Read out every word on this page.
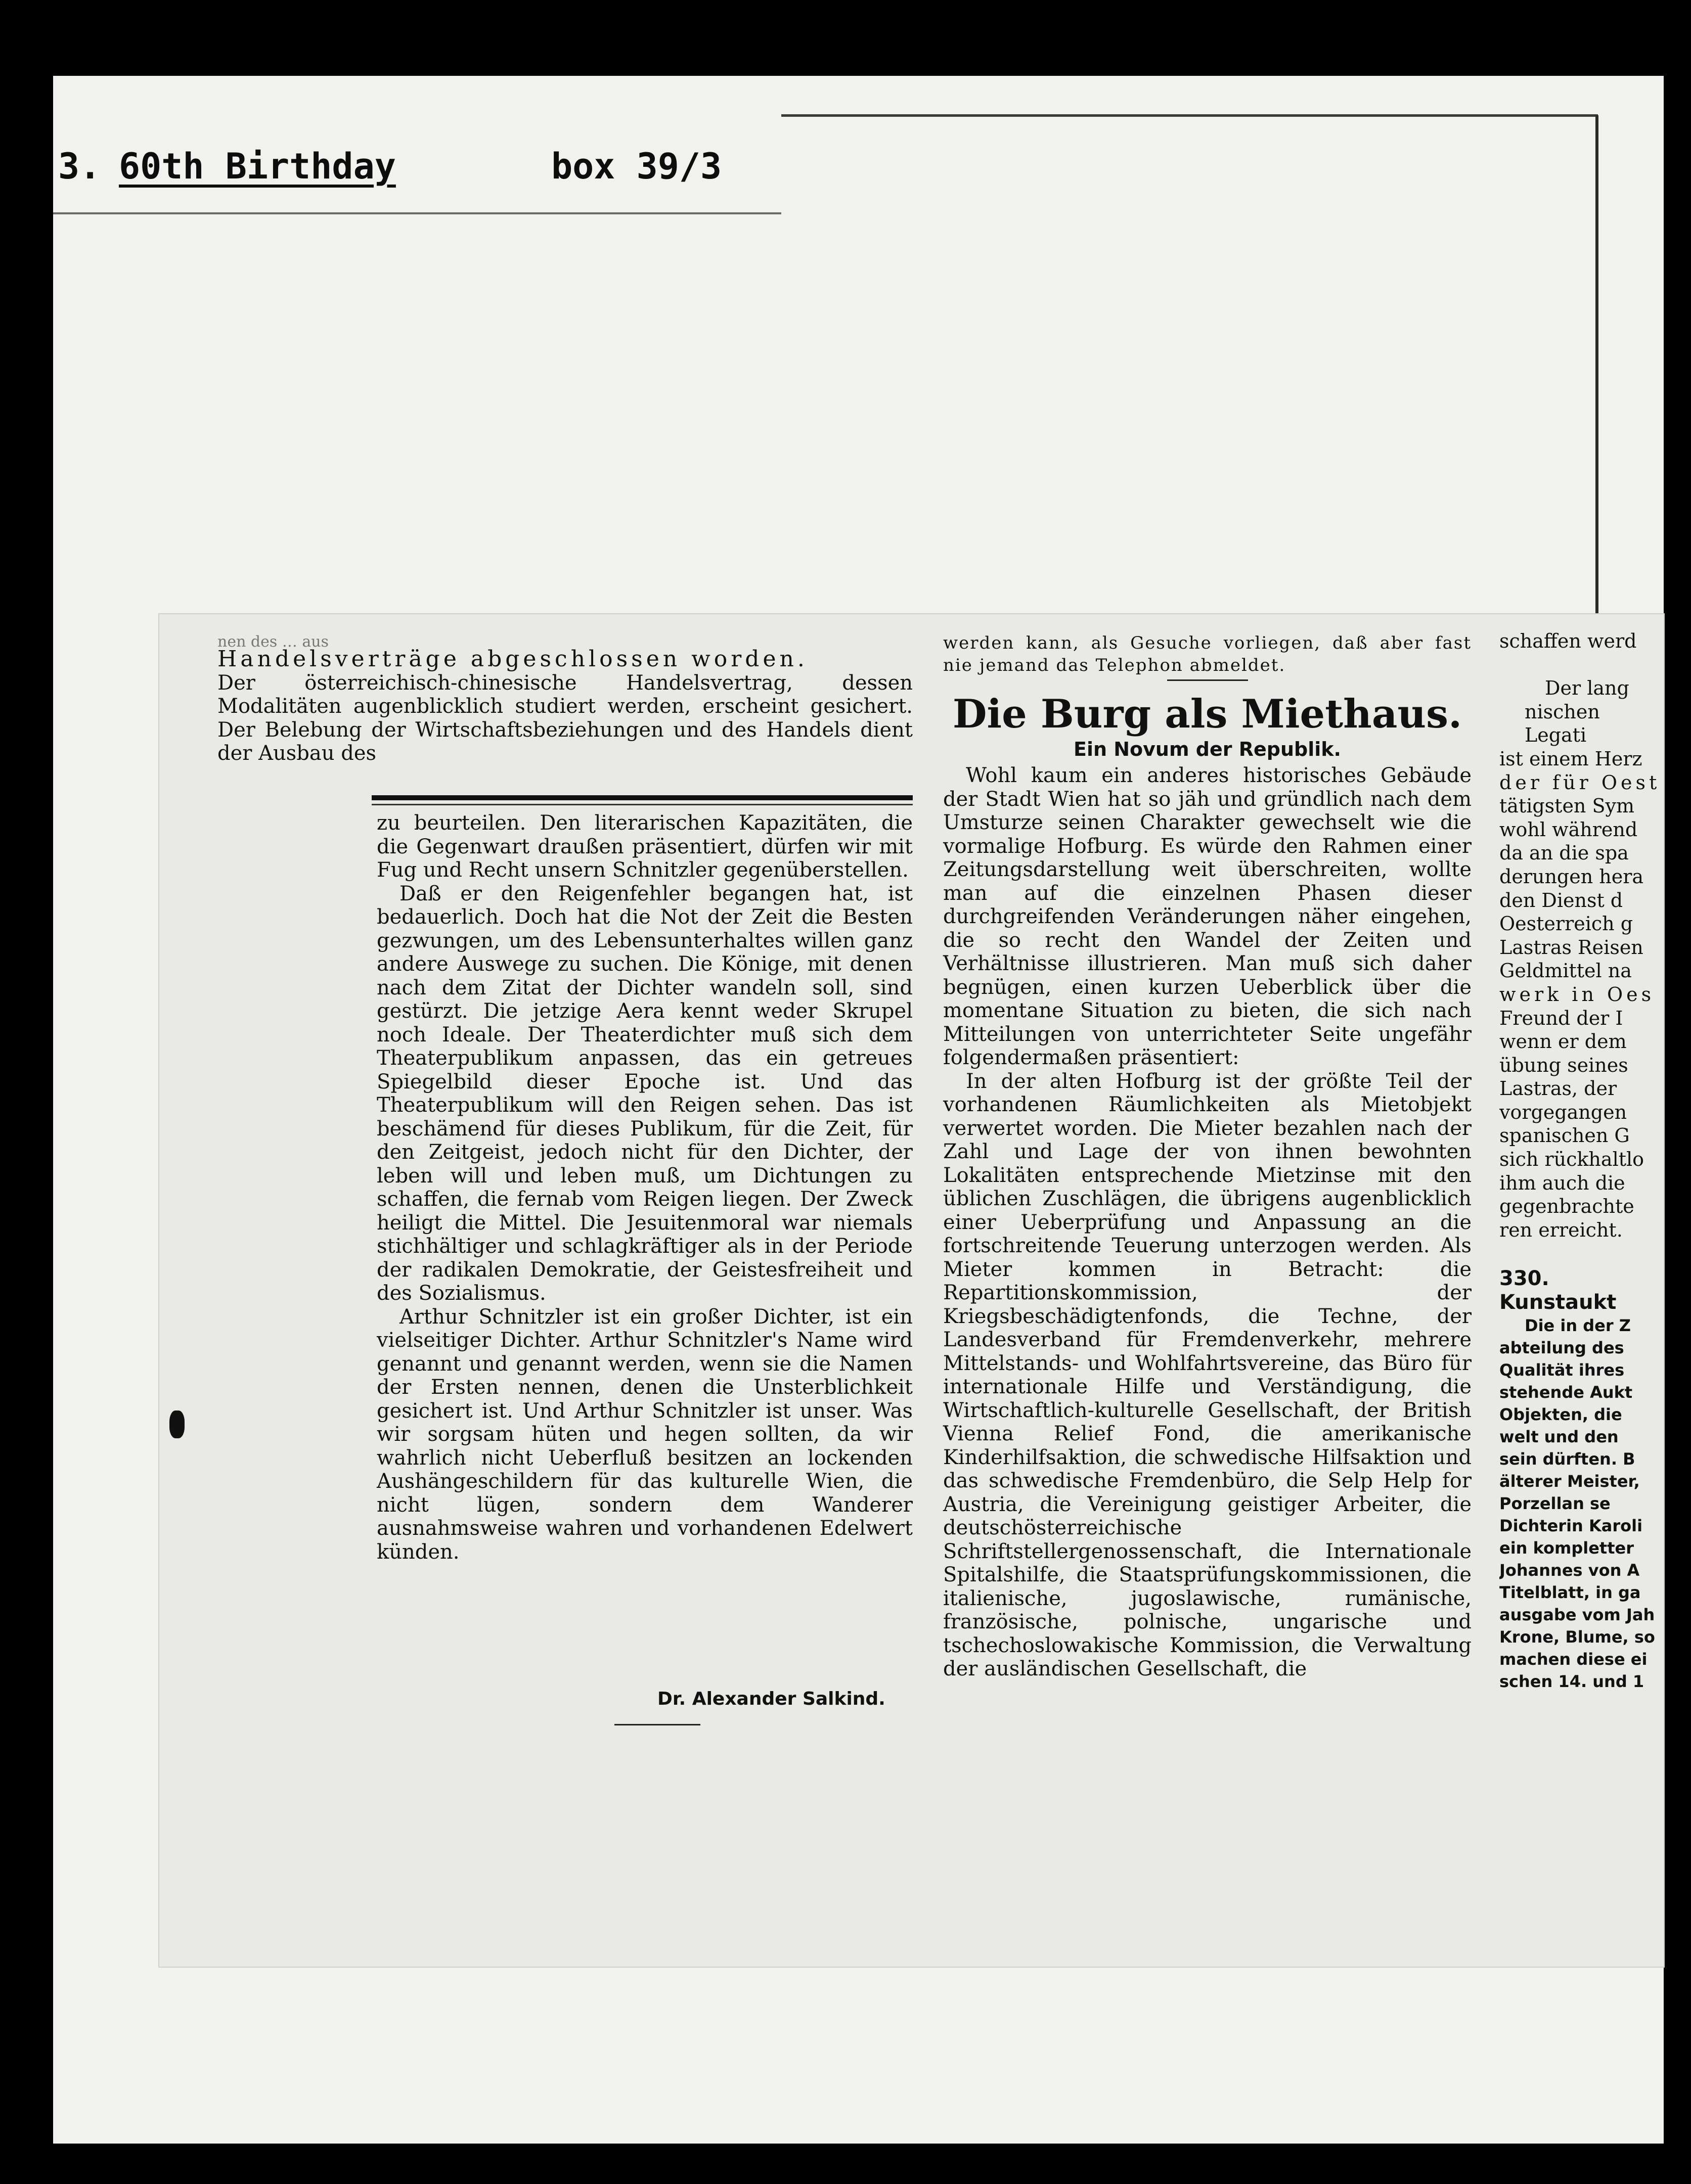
3. 60th Birthday	box 39/3

nen des … aus

Handelsverträge abgeschlossen worden.

Der österreichisch-chinesische Handelsvertrag, dessen Modalitäten augenblicklich studiert werden, erscheint gesichert. Der Belebung der Wirtschaftsbeziehungen und des Handels dient der Ausbau des

zu beurteilen. Den literarischen Kapazitäten, die die Gegenwart draußen präsentiert, dürfen wir mit Fug und Recht unsern Schnitzler gegenüberstellen.

Daß er den Reigenfehler begangen hat, ist bedauerlich. Doch hat die Not der Zeit die Besten gezwungen, um des Lebensunterhaltes willen ganz andere Auswege zu suchen. Die Könige, mit denen nach dem Zitat der Dichter wandeln soll, sind gestürzt. Die jetzige Aera kennt weder Skrupel noch Ideale. Der Theaterdichter muß sich dem Theaterpublikum anpassen, das ein getreues Spiegelbild dieser Epoche ist. Und das Theaterpublikum will den Reigen sehen. Das ist beschämend für dieses Publikum, für die Zeit, für den Zeitgeist, jedoch nicht für den Dichter, der leben will und leben muß, um Dichtungen zu schaffen, die fernab vom Reigen liegen. Der Zweck heiligt die Mittel. Die Jesuitenmoral war niemals stichhältiger und schlagkräftiger als in der Periode der radikalen Demokratie, der Geistesfreiheit und des Sozialismus.

Arthur Schnitzler ist ein großer Dichter, ist ein vielseitiger Dichter. Arthur Schnitzler's Name wird genannt und genannt werden, wenn sie die Namen der Ersten nennen, denen die Unsterblichkeit gesichert ist. Und Arthur Schnitzler ist unser. Was wir sorgsam hüten und hegen sollten, da wir wahrlich nicht Ueberfluß besitzen an lockenden Aushängeschildern für das kulturelle Wien, die nicht lügen, sondern dem Wanderer ausnahmsweise wahren und vorhandenen Edelwert künden.

Dr. Alexander Salkind.

werden kann, als Gesuche vorliegen, daß aber fast nie jemand das Telephon abmeldet.

Die Burg als Miethaus.
Ein Novum der Republik.

Wohl kaum ein anderes historisches Gebäude der Stadt Wien hat so jäh und gründlich nach dem Umsturze seinen Charakter gewechselt wie die vormalige Hofburg. Es würde den Rahmen einer Zeitungsdarstellung weit überschreiten, wollte man auf die einzelnen Phasen dieser durchgreifenden Veränderungen näher eingehen, die so recht den Wandel der Zeiten und Verhältnisse illustrieren. Man muß sich daher begnügen, einen kurzen Ueberblick über die momentane Situation zu bieten, die sich nach Mitteilungen von unterrichteter Seite ungefähr folgendermaßen präsentiert:

In der alten Hofburg ist der größte Teil der vorhandenen Räumlichkeiten als Mietobjekt verwertet worden. Die Mieter bezahlen nach der Zahl und Lage der von ihnen bewohnten Lokalitäten entsprechende Mietzinse mit den üblichen Zuschlägen, die übrigens augenblicklich einer Ueberprüfung und Anpassung an die fortschreitende Teuerung unterzogen werden. Als Mieter kommen in Betracht: die Repartitionskommission, der Kriegsbeschädigtenfonds, die Techne, der Landesverband für Fremdenverkehr, mehrere Mittelstands- und Wohlfahrtsvereine, das Büro für internationale Hilfe und Verständigung, die Wirtschaftlich-kulturelle Gesellschaft, der British Vienna Relief Fond, die amerikanische Kinderhilfsaktion, die schwedische Hilfsaktion und das schwedische Fremdenbüro, die Selp Help for Austria, die Vereinigung geistiger Arbeiter, die deutschösterreichische Schriftstellergenossenschaft, die Internationale Spitalshilfe, die Staatsprüfungskommissionen, die italienische, jugoslawische, rumänische, französische, polnische, ungarische und tschechoslowakische Kommission, die Verwaltung der ausländischen Gesellschaft, die

schaffen werd

Der lang
nischen Legati
ist einem Herz
der für Oest
tätigsten Sym
wohl während
da an die spa
derungen hera
den Dienst d
Oesterreich g
Lastras Reisen
Geldmittel na
werk in Oes
Freund der I
wenn er dem
übung seines
Lastras, der
vorgegangen
spanischen G
sich rückhaltlo
ihm auch die
gegenbrachte
ren erreicht.
330. Kunstaukt
Die in der Z
abteilung des
Qualität ihres
stehende Aukt
Objekten, die
welt und den
sein dürften. B
älterer Meister,
Porzellan se
Dichterin Karoli
ein kompletter
Johannes von A
Titelblatt, in ga
ausgabe vom Jah
Krone, Blume, so
machen diese ei
schen 14. und 1
